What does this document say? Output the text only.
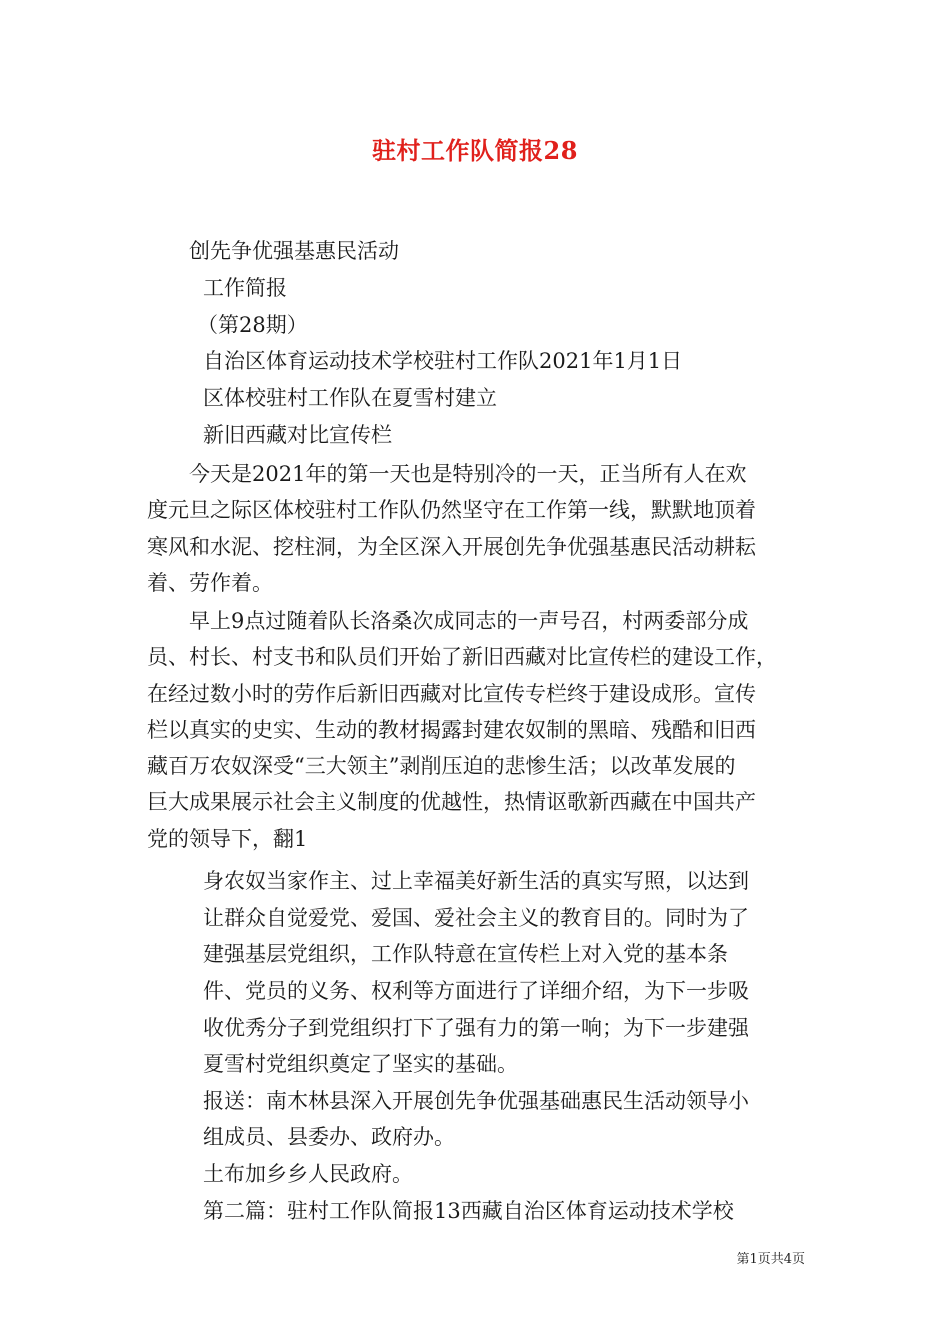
驻村工作队简报28
创先争优强基惠民活动
工作简报
（第28期）
自治区体育运动技术学校驻村工作队2021年1月1日
区体校驻村工作队在夏雪村建立
新旧西藏对比宣传栏
今天是2021年的第一天也是特别冷的一天，正当所有人在欢
度元旦之际区体校驻村工作队仍然坚守在工作第一线，默默地顶着
寒风和水泥、挖柱洞，为全区深入开展创先争优强基惠民活动耕耘
着、劳作着。
早上9点过随着队长洛桑次成同志的一声号召，村两委部分成
员、村长、村支书和队员们开始了新旧西藏对比宣传栏的建设工作，
在经过数小时的劳作后新旧西藏对比宣传专栏终于建设成形。宣传
栏以真实的史实、生动的教材揭露封建农奴制的黑暗、残酷和旧西
藏百万农奴深受“三大领主”剥削压迫的悲惨生活；以改革发展的
巨大成果展示社会主义制度的优越性，热情讴歌新西藏在中国共产
党的领导下，翻1
身农奴当家作主、过上幸福美好新生活的真实写照，以达到
让群众自觉爱党、爱国、爱社会主义的教育目的。同时为了
建强基层党组织，工作队特意在宣传栏上对入党的基本条
件、党员的义务、权利等方面进行了详细介绍，为下一步吸
收优秀分子到党组织打下了强有力的第一响；为下一步建强
夏雪村党组织奠定了坚实的基础。
报送：南木林县深入开展创先争优强基础惠民生活动领导小
组成员、县委办、政府办。
土布加乡乡人民政府。
第二篇：驻村工作队简报13西藏自治区体育运动技术学校
第1页共4页
